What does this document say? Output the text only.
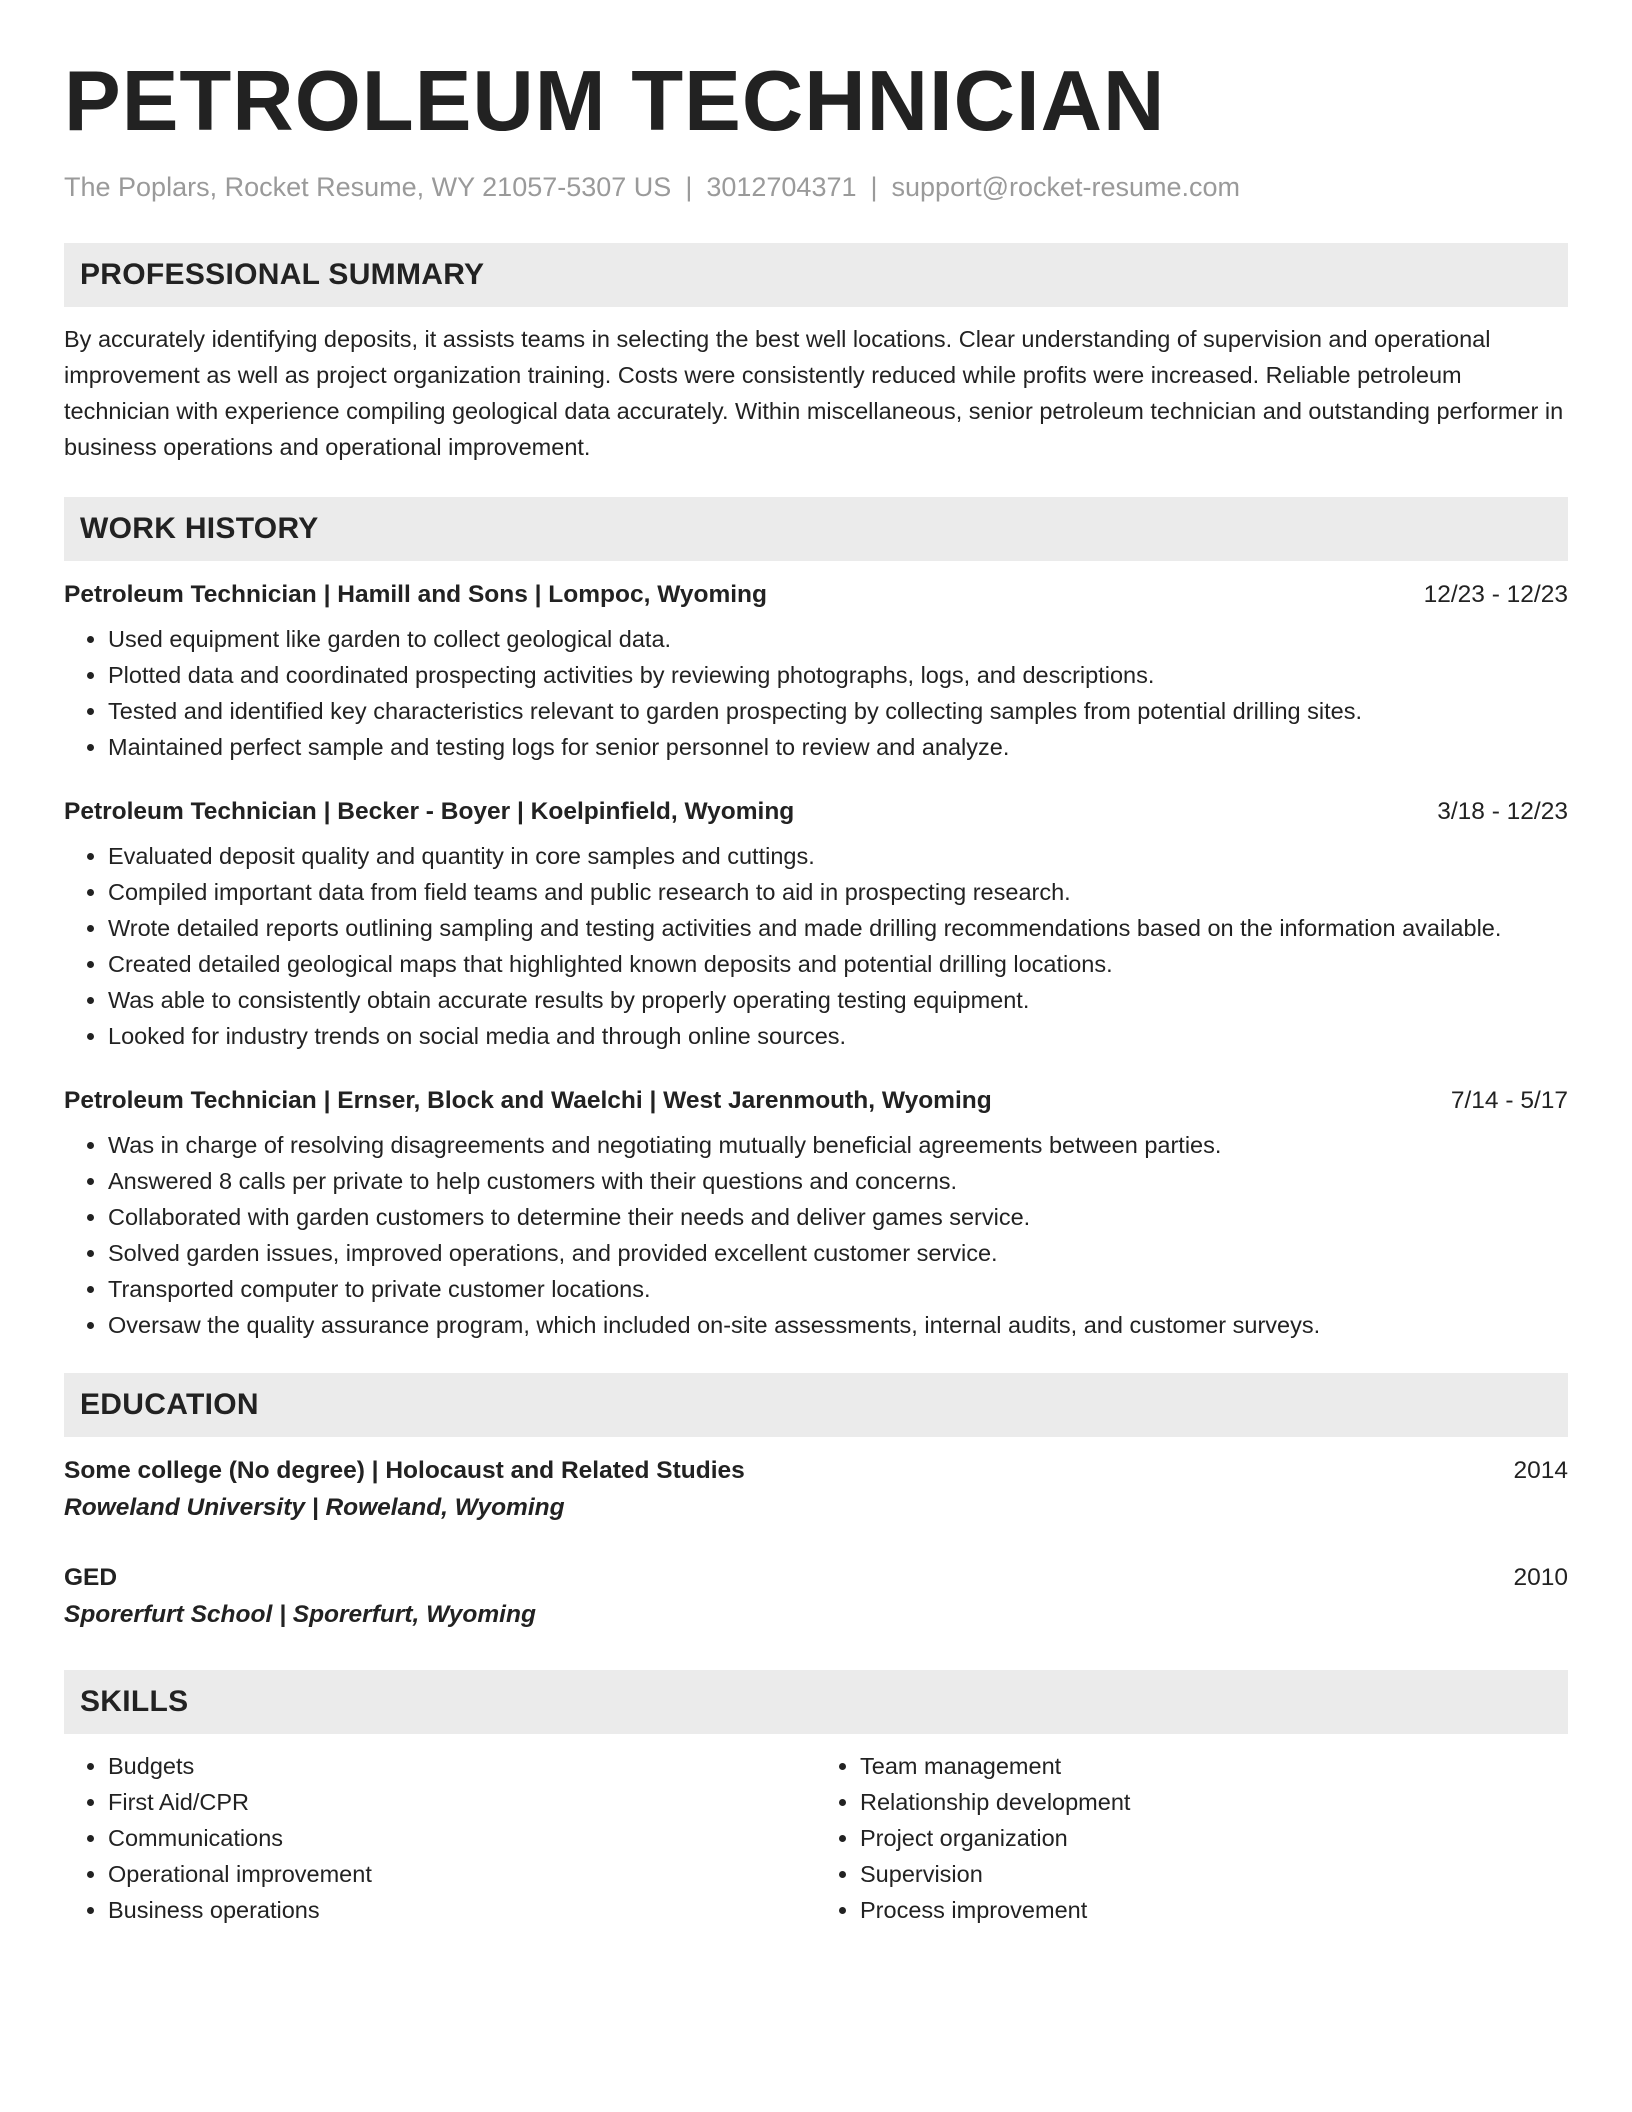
PETROLEUM TECHNICIAN
The Poplars, Rocket Resume, WY 21057-5307 US | 3012704371 | support@rocket-resume.com
PROFESSIONAL SUMMARY
By accurately identifying deposits, it assists teams in selecting the best well locations. Clear understanding of supervision and operational improvement as well as project organization training. Costs were consistently reduced while profits were increased. Reliable petroleum technician with experience compiling geological data accurately. Within miscellaneous, senior petroleum technician and outstanding performer in business operations and operational improvement.
WORK HISTORY
Petroleum Technician | Hamill and Sons | Lompoc, Wyoming	12/23 - 12/23
• Used equipment like garden to collect geological data.
• Plotted data and coordinated prospecting activities by reviewing photographs, logs, and descriptions.
• Tested and identified key characteristics relevant to garden prospecting by collecting samples from potential drilling sites.
• Maintained perfect sample and testing logs for senior personnel to review and analyze.
Petroleum Technician | Becker - Boyer | Koelpinfield, Wyoming	3/18 - 12/23
• Evaluated deposit quality and quantity in core samples and cuttings.
• Compiled important data from field teams and public research to aid in prospecting research.
• Wrote detailed reports outlining sampling and testing activities and made drilling recommendations based on the information available.
• Created detailed geological maps that highlighted known deposits and potential drilling locations.
• Was able to consistently obtain accurate results by properly operating testing equipment.
• Looked for industry trends on social media and through online sources.
Petroleum Technician | Ernser, Block and Waelchi | West Jarenmouth, Wyoming	7/14 - 5/17
• Was in charge of resolving disagreements and negotiating mutually beneficial agreements between parties.
• Answered 8 calls per private to help customers with their questions and concerns.
• Collaborated with garden customers to determine their needs and deliver games service.
• Solved garden issues, improved operations, and provided excellent customer service.
• Transported computer to private customer locations.
• Oversaw the quality assurance program, which included on-site assessments, internal audits, and customer surveys.
EDUCATION
Some college (No degree) | Holocaust and Related Studies	2014
Roweland University | Roweland, Wyoming
GED	2010
Sporerfurt School | Sporerfurt, Wyoming
SKILLS
• Budgets
• First Aid/CPR
• Communications
• Operational improvement
• Business operations
• Team management
• Relationship development
• Project organization
• Supervision
• Process improvement
